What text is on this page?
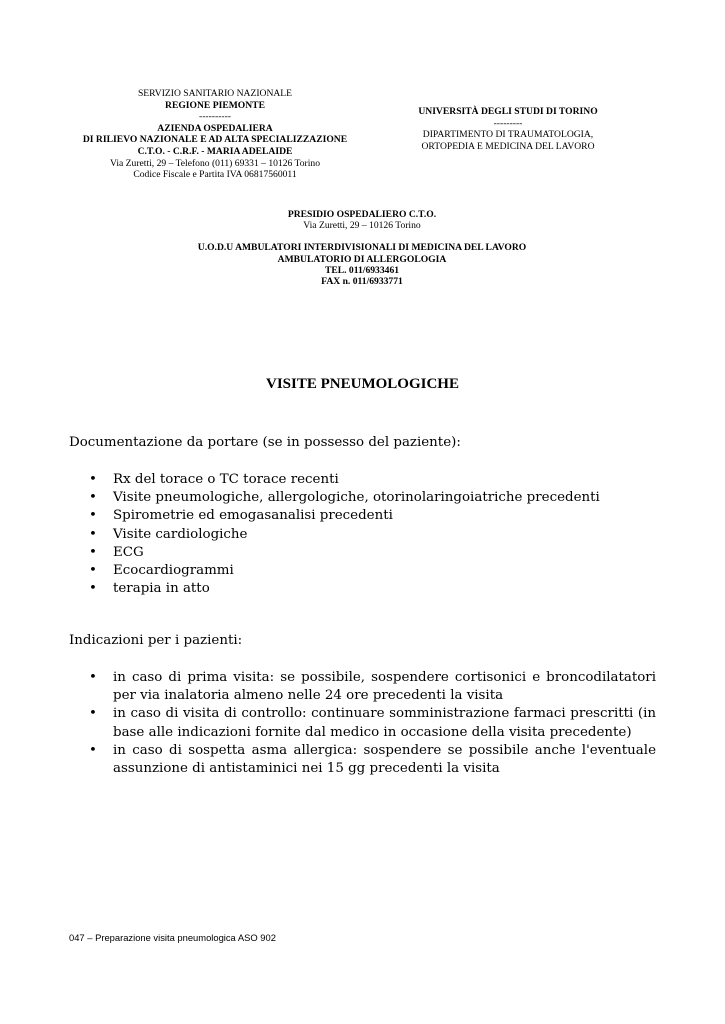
SERVIZIO SANITARIO NAZIONALE
REGIONE PIEMONTE
----------
AZIENDA OSPEDALIERA
DI RILIEVO NAZIONALE E AD ALTA SPECIALIZZAZIONE
C.T.O. - C.R.F. - MARIA ADELAIDE
Via Zuretti, 29 – Telefono (011) 69331 – 10126 Torino
Codice Fiscale e Partita IVA 06817560011
UNIVERSITÀ DEGLI STUDI DI TORINO
---------
DIPARTIMENTO DI TRAUMATOLOGIA,
ORTOPEDIA E MEDICINA DEL LAVORO
PRESIDIO OSPEDALIERO C.T.O.
Via Zuretti, 29 – 10126 Torino
U.O.D.U AMBULATORI INTERDIVISIONALI DI MEDICINA DEL LAVORO
AMBULATORIO DI ALLERGOLOGIA
TEL. 011/6933461
FAX n. 011/6933771
VISITE PNEUMOLOGICHE
Documentazione da portare (se in possesso del paziente):
• Rx del torace o TC torace recenti
• Visite pneumologiche, allergologiche, otorinolaringoiatriche precedenti
• Spirometrie ed emogasanalisi precedenti
• Visite cardiologiche
• ECG
• Ecocardiogrammi
• terapia in atto
Indicazioni per i pazienti:
• in caso di prima visita: se possibile, sospendere cortisonici e broncodilatatori per via inalatoria almeno nelle 24 ore precedenti la visita
• in caso di visita di controllo: continuare somministrazione farmaci prescritti (in base alle indicazioni fornite dal medico in occasione della visita precedente)
• in caso di sospetta asma allergica: sospendere se possibile anche l'eventuale assunzione di antistaminici nei 15 gg precedenti la visita
047 – Preparazione visita pneumologica ASO 902
